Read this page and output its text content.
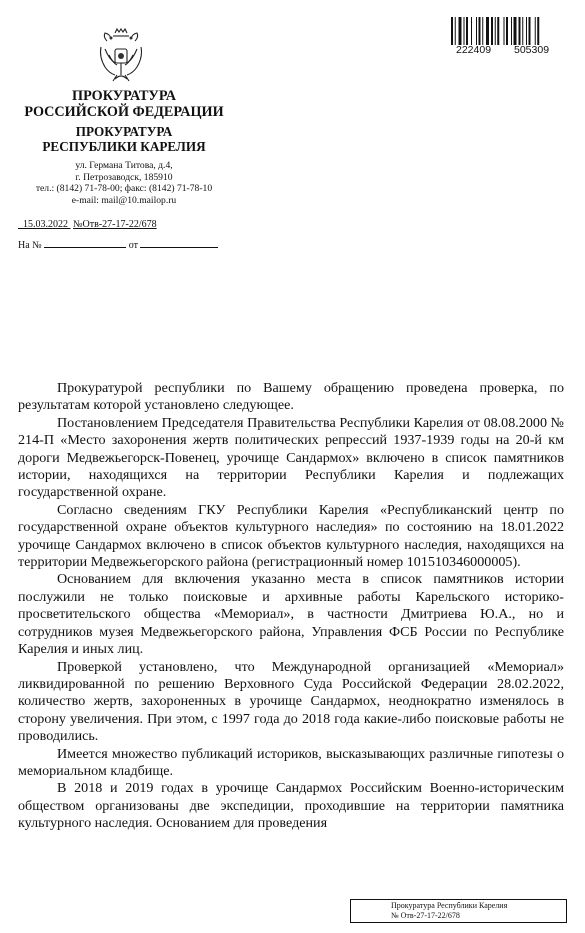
ПРОКУРАТУРА
РОССИЙСКОЙ ФЕДЕРАЦИИ
ПРОКУРАТУРА
РЕСПУБЛИКИ КАРЕЛИЯ
ул. Германа Титова, д.4,
г. Петрозаводск, 185910
тел.: (8142) 71-78-00; факс: (8142) 71-78-10
e-mail: mail@10.mailop.ru
15.03.2022 №Отв-27-17-22/678
На №	от
222409 505309

Прокуратурой республики по Вашему обращению проведена проверка, по результатам которой установлено следующее.

Постановлением Председателя Правительства Республики Карелия от 08.08.2000 № 214-П «Место захоронения жертв политических репрессий 1937-1939 годы на 20-й км дороги Медвежьегорск-Повенец, урочище Сандармох» включено в список памятников истории, находящихся на территории Республики Карелия и подлежащих государственной охране.

Согласно сведениям ГКУ Республики Карелия «Республиканский центр по государственной охране объектов культурного наследия» по состоянию на 18.01.2022 урочище Сандармох включено в список объектов культурного наследия, находящихся на территории Медвежьегорского района (регистрационный номер 101510346000005).

Основанием для включения указанно места в список памятников истории послужили не только поисковые и архивные работы Карельского историко-просветительского общества «Мемориал», в частности Дмитриева Ю.А., но и сотрудников музея Медвежьегорского района, Управления ФСБ России по Республике Карелия и иных лиц.

Проверкой установлено, что Международной организацией «Мемориал» ликвидированной по решению Верховного Суда Российской Федерации 28.02.2022, количество жертв, захороненных в урочище Сандармох, неоднократно изменялось в сторону увеличения. При этом, с 1997 года до 2018 года какие-либо поисковые работы не проводились.

Имеется множество публикаций историков, высказывающих различные гипотезы о мемориальном кладбище.

В 2018 и 2019 годах в урочище Сандармох Российским Военно-историческим обществом организованы две экспедиции, проходившие на территории памятника культурного наследия. Основанием для проведения

Прокуратура Республики Карелия
№ Отв-27-17-22/678
